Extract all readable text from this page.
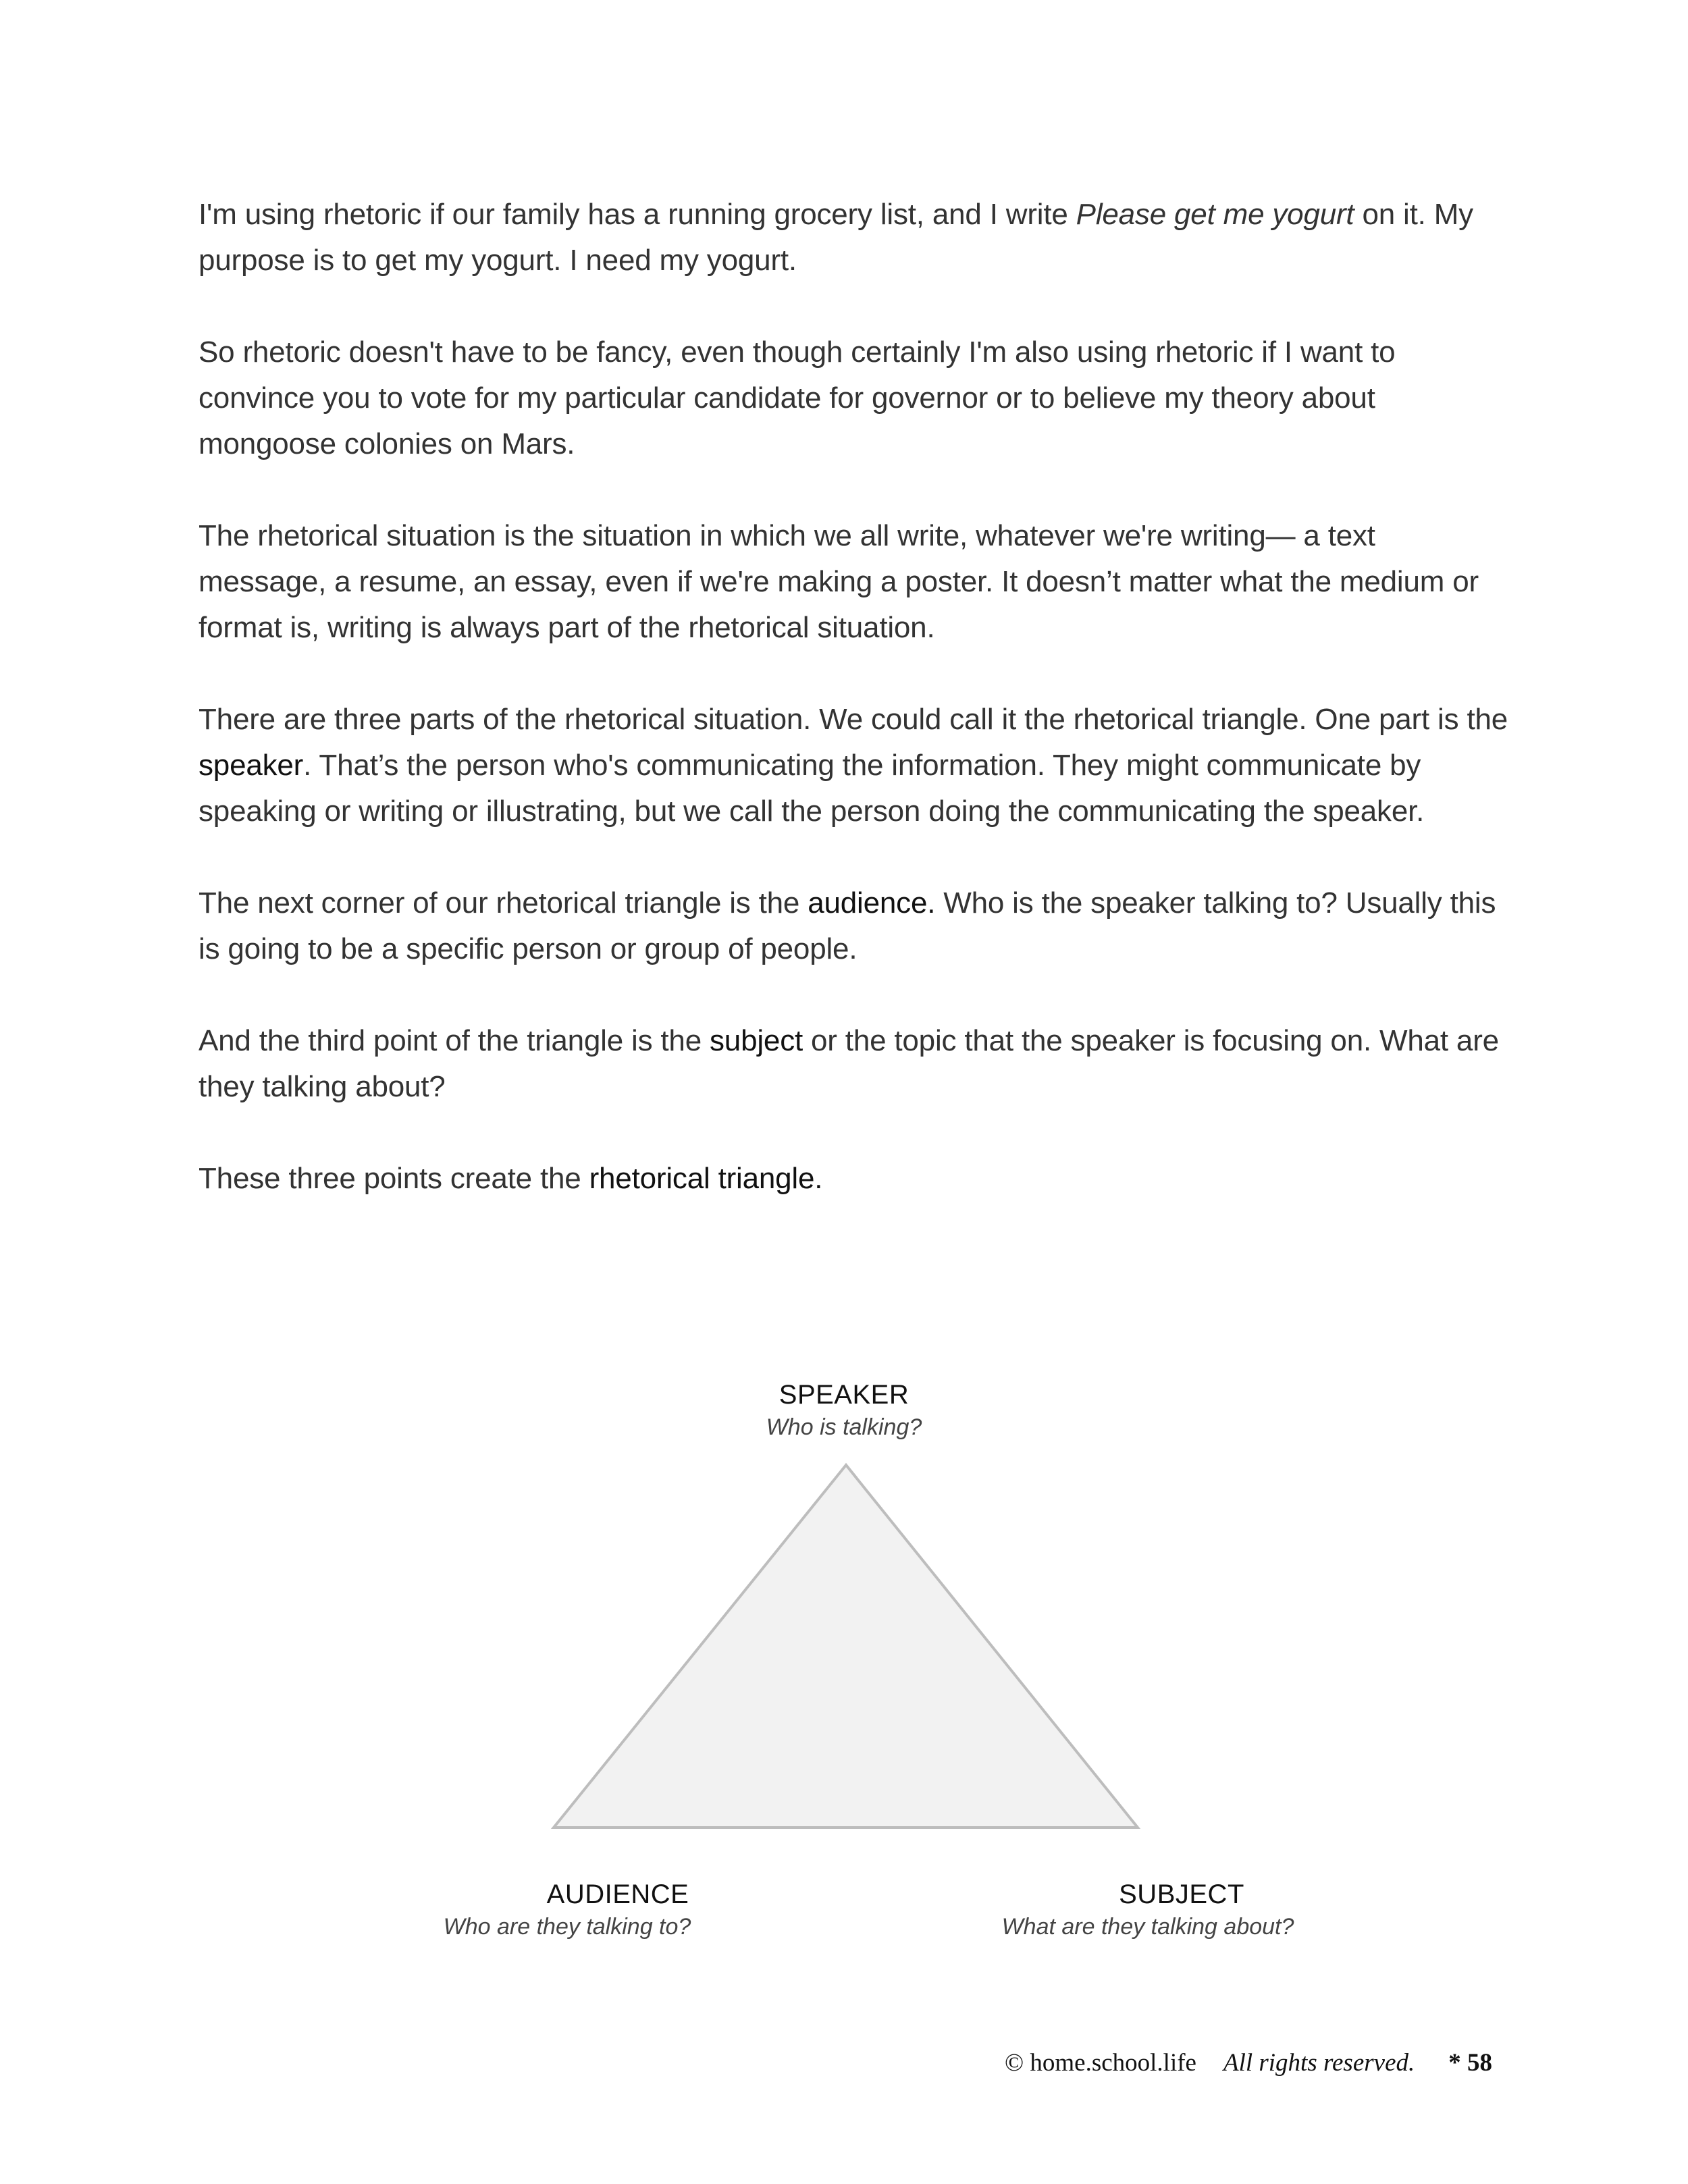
I'm using rhetoric if our family has a running grocery list, and I write Please get me yogurt on it. My purpose is to get my yogurt. I need my yogurt.

So rhetoric doesn't have to be fancy, even though certainly I'm also using rhetoric if I want to convince you to vote for my particular candidate for governor or to believe my theory about mongoose colonies on Mars.

The rhetorical situation is the situation in which we all write, whatever we're writing— a text message, a resume, an essay, even if we're making a poster. It doesn’t matter what the medium or format is, writing is always part of the rhetorical situation.

There are three parts of the rhetorical situation. We could call it the rhetorical triangle. One part is the speaker. That’s the person who's communicating the information. They might communicate by speaking or writing or illustrating, but we call the person doing the communicating the speaker.

The next corner of our rhetorical triangle is the audience. Who is the speaker talking to? Usually this is going to be a specific person or group of people.

And the third point of the triangle is the subject or the topic that the speaker is focusing on. What are they talking about?

These three points create the rhetorical triangle.

SPEAKER
Who is talking?
AUDIENCE
Who are they talking to?
SUBJECT
What are they talking about?
© home.school.life All rights reserved. * 58
